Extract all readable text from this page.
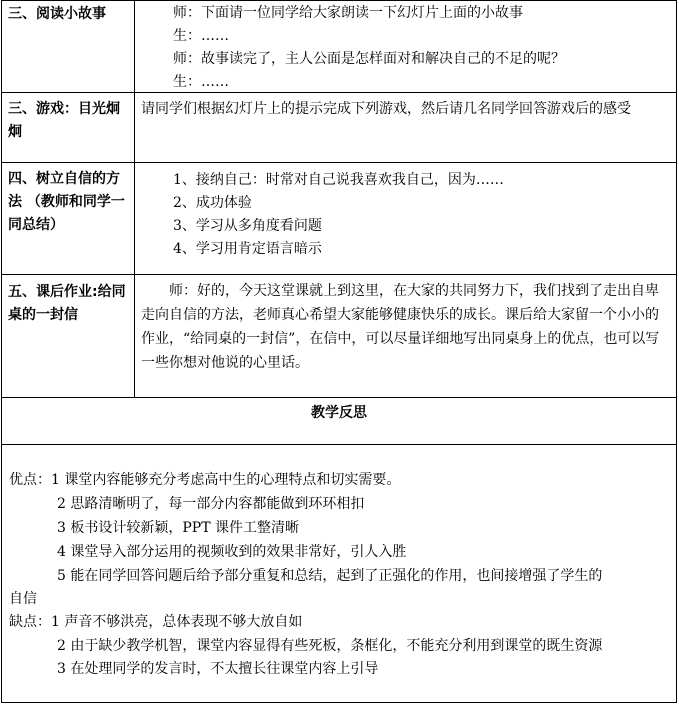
三、阅读小故事	师：下面请一位同学给大家朗读一下幻灯片上面的小故事
生：……
师：故事读完了，主人公面是怎样面对和解决自己的不足的呢？
生：……
三、游戏：目光炯炯
请同学们根据幻灯片上的提示完成下列游戏，然后请几名同学回答游戏后的感受
四、树立自信的方法 （教师和同学一同总结）
1、接纳自己：时常对自己说我喜欢我自己，因为……
2、成功体验
3、学习从多角度看问题
4、学习用肯定语言暗示
五、课后作业:给同桌的一封信
师：好的，今天这堂课就上到这里，在大家的共同努力下，我们找到了走出自卑走向自信的方法，老师真心希望大家能够健康快乐的成长。课后给大家留一个小小的作业，“给同桌的一封信”，在信中，可以尽量详细地写出同桌身上的优点，也可以写一些你想对他说的心里话。
教学反思
优点：1 课堂内容能够充分考虑高中生的心理特点和切实需要。
2 思路清晰明了，每一部分内容都能做到环环相扣
3 板书设计较新颖，PPT 课件工整清晰
4 课堂导入部分运用的视频收到的效果非常好，引人入胜
5 能在同学回答问题后给予部分重复和总结，起到了正强化的作用，也间接增强了学生的
自信
缺点：1 声音不够洪亮，总体表现不够大放自如
2 由于缺少教学机智，课堂内容显得有些死板，条框化，不能充分利用到课堂的既生资源
3 在处理同学的发言时，不太擅长往课堂内容上引导
